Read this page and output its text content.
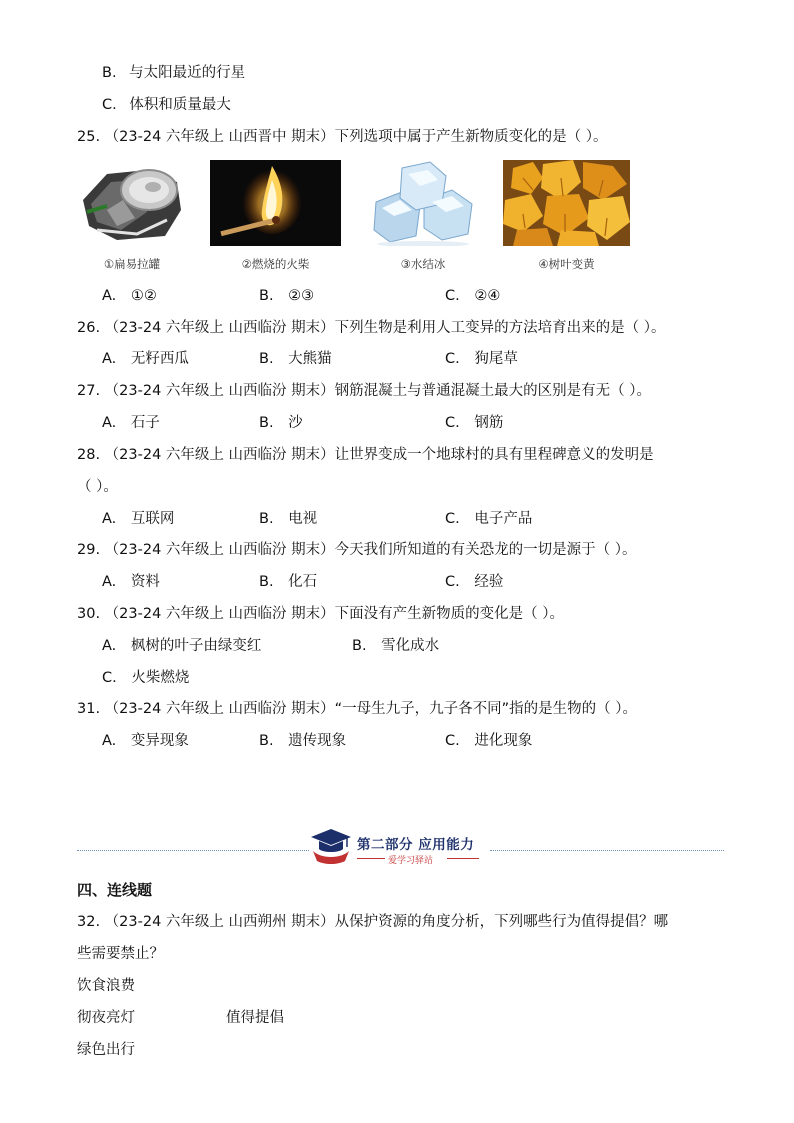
B. 与太阳最近的行星
C. 体积和质量最大
25. （23-24 六年级上 山西晋中 期末）下列选项中属于产生新物质变化的是（ ）。
①扁易拉罐	②燃烧的火柴	③水结冰	④树叶变黄
A. ①②	B. ②③	C. ②④
26. （23-24 六年级上 山西临汾 期末）下列生物是利用人工变异的方法培育出来的是（ ）。
A. 无籽西瓜	B. 大熊猫	C. 狗尾草
27. （23-24 六年级上 山西临汾 期末）钢筋混凝土与普通混凝土最大的区别是有无（ ）。
A. 石子	B. 沙	C. 钢筋
28. （23-24 六年级上 山西临汾 期末）让世界变成一个地球村的具有里程碑意义的发明是
（ ）。
A. 互联网	B. 电视	C. 电子产品
29. （23-24 六年级上 山西临汾 期末）今天我们所知道的有关恐龙的一切是源于（ ）。
A. 资料	B. 化石	C. 经验
30. （23-24 六年级上 山西临汾 期末）下面没有产生新物质的变化是（ ）。
A. 枫树的叶子由绿变红	B. 雪化成水
C. 火柴燃烧
31. （23-24 六年级上 山西临汾 期末）“一母生九子，九子各不同”指的是生物的（ ）。
A. 变异现象	B. 遗传现象	C. 进化现象
第二部分 应用能力
爱学习驿站
四、连线题
32. （23-24 六年级上 山西朔州 期末）从保护资源的角度分析，下列哪些行为值得提倡？哪
些需要禁止？
饮食浪费
彻夜亮灯	值得提倡
绿色出行
